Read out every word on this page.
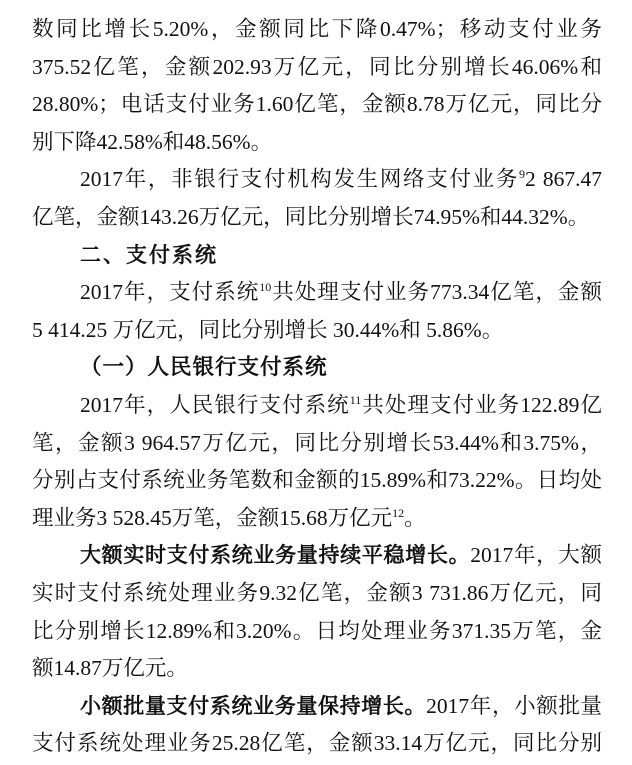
数同比增长5.20%，金额同比下降0.47%；移动支付业务
375.52亿笔，金额202.93万亿元，同比分别增长46.06%和
28.80%；电话支付业务1.60亿笔，金额8.78万亿元，同比分
别下降42.58%和48.56%。
2017年，非银行支付机构发生网络支付业务$^9$2 867.47
亿笔，金额143.26万亿元，同比分别增长74.95%和44.32%。
二、支付系统
2017年，支付系统$^{10}$共处理支付业务773.34亿笔，金额
5 414.25 万亿元，同比分别增长 30.44%和 5.86%。
（一）人民银行支付系统
2017年，人民银行支付系统$^{11}$共处理支付业务122.89亿
笔，金额3 964.57万亿元，同比分别增长53.44%和3.75%，
分别占支付系统业务笔数和金额的15.89%和73.22%。日均处
理业务3 528.45万笔，金额15.68万亿元$^{12}$。
大额实时支付系统业务量持续平稳增长。2017年，大额
实时支付系统处理业务9.32亿笔，金额3 731.86万亿元，同
比分别增长12.89%和3.20%。日均处理业务371.35万笔，金
额14.87万亿元。
小额批量支付系统业务量保持增长。2017年，小额批量
支付系统处理业务25.28亿笔，金额33.14万亿元，同比分别
